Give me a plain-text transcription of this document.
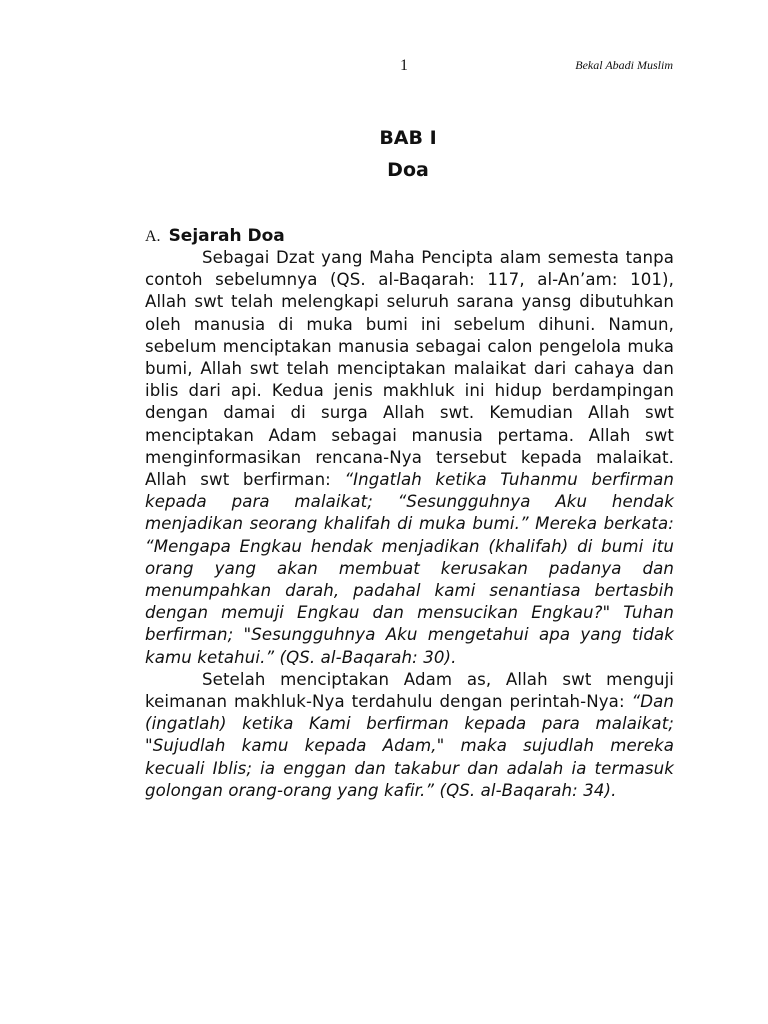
1	Bekal Abadi Muslim
BAB I
Doa
A. Sejarah Doa

Sebagai Dzat yang Maha Pencipta alam semesta tanpa contoh sebelumnya (QS. al-Baqarah: 117, al-An’am: 101), Allah swt telah melengkapi seluruh sarana yansg dibutuhkan oleh manusia di muka bumi ini sebelum dihuni. Namun, sebelum menciptakan manusia sebagai calon pengelola muka bumi, Allah swt telah menciptakan malaikat dari cahaya dan iblis dari api. Kedua jenis makhluk ini hidup berdampingan dengan damai di surga Allah swt. Kemudian Allah swt menciptakan Adam sebagai manusia pertama. Allah swt menginformasikan rencana-Nya tersebut kepada malaikat. Allah swt berfirman: “Ingatlah ketika Tuhanmu berfirman kepada para malaikat; “Sesungguhnya Aku hendak menjadikan seorang khalifah di muka bumi.” Mereka berkata: “Mengapa Engkau hendak menjadikan (khalifah) di bumi itu orang yang akan membuat kerusakan padanya dan menumpahkan darah, padahal kami senantiasa bertasbih dengan memuji Engkau dan mensucikan Engkau?" Tuhan berfirman; "Sesungguhnya Aku mengetahui apa yang tidak kamu ketahui.” (QS. al-Baqarah: 30).

Setelah menciptakan Adam as, Allah swt menguji keimanan makhluk-Nya terdahulu dengan perintah-Nya: “Dan (ingatlah) ketika Kami berfirman kepada para malaikat; "Sujudlah kamu kepada Adam," maka sujudlah mereka kecuali Iblis; ia enggan dan takabur dan adalah ia termasuk golongan orang-orang yang kafir.” (QS. al-Baqarah: 34).
